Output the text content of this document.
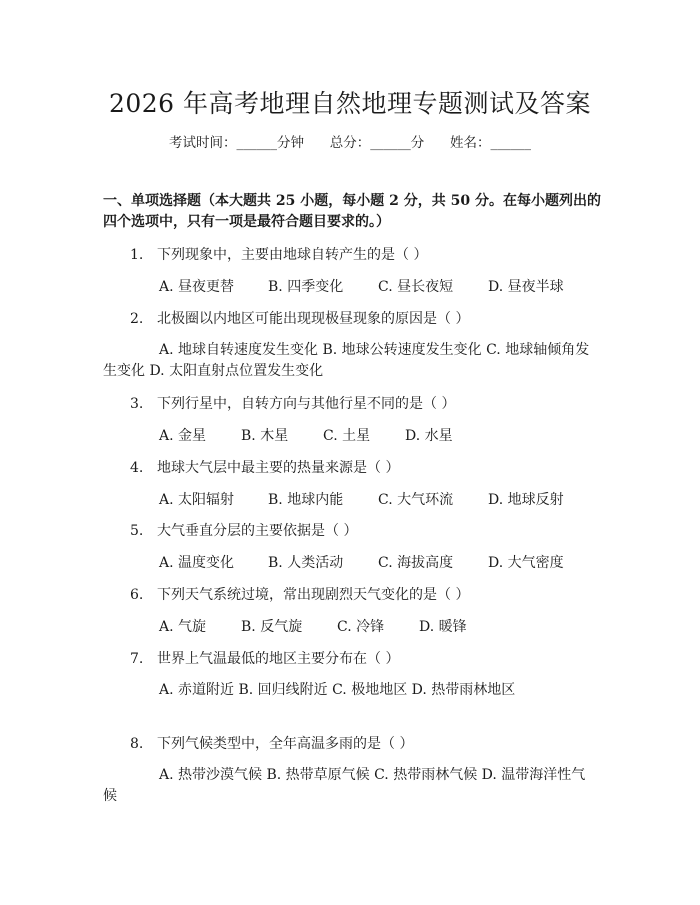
2026 年高考地理自然地理专题测试及答案
考试时间：______分钟      总分：______分      姓名：______

一、单项选择题（本大题共 25 小题，每小题 2 分，共 50 分。在每小题列出的四个选项中，只有一项是最符合题目要求的。）

1. 下列现象中，主要由地球自转产生的是（ ）
A. 昼夜更替 B. 四季变化 C. 昼长夜短 D. 昼夜半球
2. 北极圈以内地区可能出现现极昼现象的原因是（ ）
A. 地球自转速度发生变化 B. 地球公转速度发生变化 C. 地球轴倾角发生变化 D. 太阳直射点位置发生变化
3. 下列行星中，自转方向与其他行星不同的是（ ）
A. 金星 B. 木星 C. 土星 D. 水星
4. 地球大气层中最主要的热量来源是（ ）
A. 太阳辐射 B. 地球内能 C. 大气环流 D. 地球反射
5. 大气垂直分层的主要依据是（ ）
A. 温度变化 B. 人类活动 C. 海拔高度 D. 大气密度
6. 下列天气系统过境，常出现剧烈天气变化的是（ ）
A. 气旋 B. 反气旋 C. 冷锋 D. 暖锋
7. 世界上气温最低的地区主要分布在（ ）
A. 赤道附近 B. 回归线附近 C. 极地地区 D. 热带雨林地区
8. 下列气候类型中，全年高温多雨的是（ ）
A. 热带沙漠气候 B. 热带草原气候 C. 热带雨林气候 D. 温带海洋性气候
